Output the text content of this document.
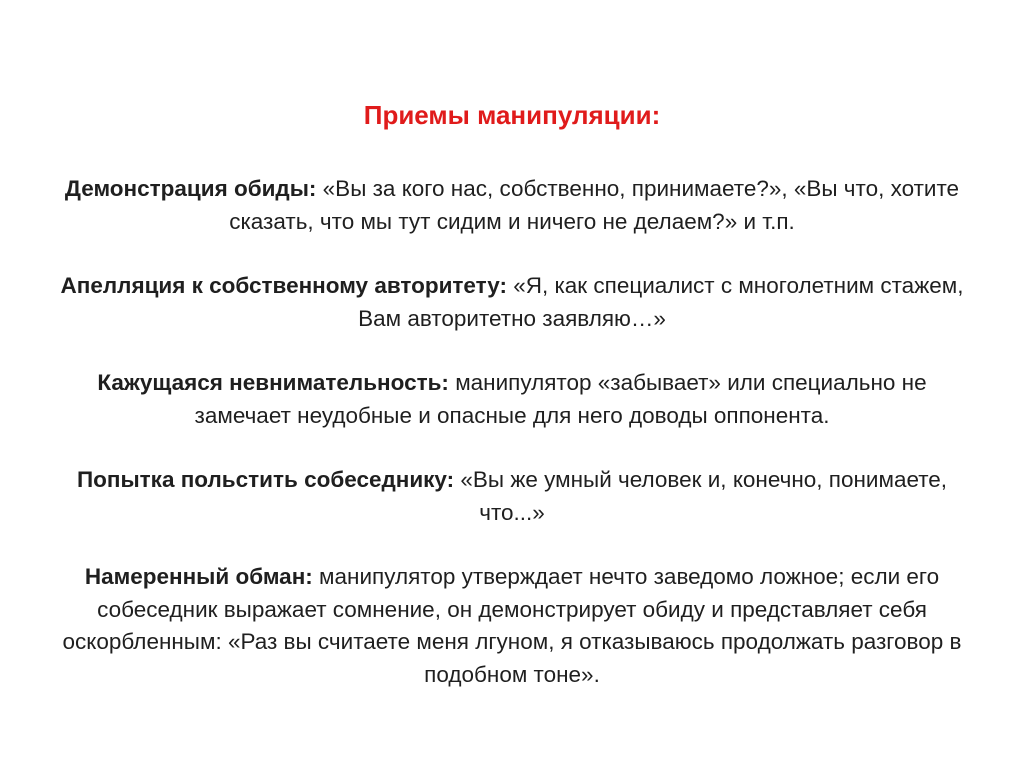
Приемы манипуляции:

Демонстрация обиды: «Вы за кого нас, собственно, принимаете?», «Вы что, хотите сказать, что мы тут сидим и ничего не делаем?» и т.п.

Апелляция к собственному авторитету: «Я, как специалист с многолетним стажем, Вам авторитетно заявляю…»

Кажущаяся невнимательность: манипулятор «забывает» или специально не замечает неудобные и опасные для него доводы оппонента.

Попытка польстить собеседнику: «Вы же умный человек и, конечно, понимаете, что...»

Намеренный обман: манипулятор утверждает нечто заведомо ложное; если его собеседник выражает сомнение, он демонстрирует обиду и представляет себя оскорбленным: «Раз вы считаете меня лгуном, я отказываюсь продолжать разговор в подобном тоне».
